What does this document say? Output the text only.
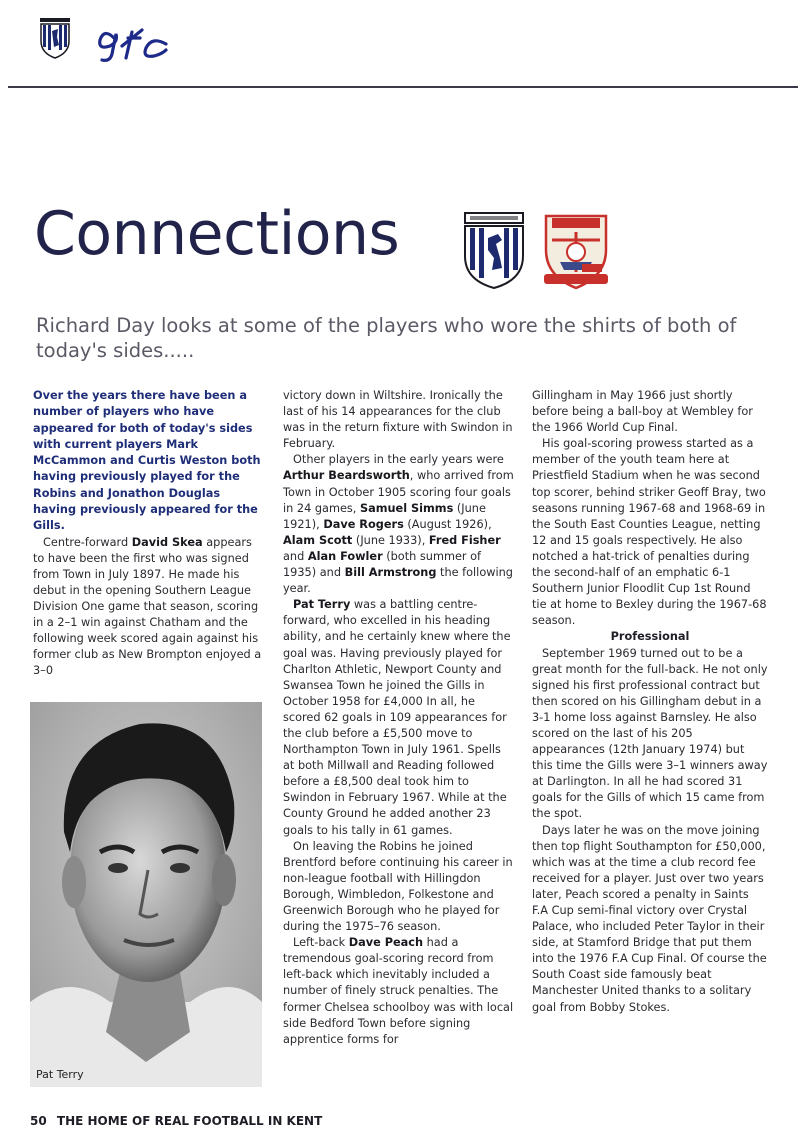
Connections

Richard Day looks at some of the players who wore the shirts of both of today's sides.....

Over the years there have been a number of players who have appeared for both of today's sides with current players Mark McCammon and Curtis Weston both having previously played for the Robins and Jonathon Douglas having previously appeared for the Gills.

Centre-forward David Skea appears to have been the first who was signed from Town in July 1897. He made his debut in the opening Southern League Division One game that season, scoring in a 2–1 win against Chatham and the following week scored again against his former club as New Brompton enjoyed a 3–0

Pat Terry

victory down in Wiltshire. Ironically the last of his 14 appearances for the club was in the return fixture with Swindon in February.

Other players in the early years were Arthur Beardsworth, who arrived from Town in October 1905 scoring four goals in 24 games, Samuel Simms (June 1921), Dave Rogers (August 1926), Alam Scott (June 1933), Fred Fisher and Alan Fowler (both summer of 1935) and Bill Armstrong the following year.

Pat Terry was a battling centre-forward, who excelled in his heading ability, and he certainly knew where the goal was. Having previously played for Charlton Athletic, Newport County and Swansea Town he joined the Gills in October 1958 for £4,000 In all, he scored 62 goals in 109 appearances for the club before a £5,500 move to Northampton Town in July 1961. Spells at both Millwall and Reading followed before a £8,500 deal took him to Swindon in February 1967. While at the County Ground he added another 23 goals to his tally in 61 games.

On leaving the Robins he joined Brentford before continuing his career in non-league football with Hillingdon Borough, Wimbledon, Folkestone and Greenwich Borough who he played for during the 1975–76 season.

Left-back Dave Peach had a tremendous goal-scoring record from left-back which inevitably included a number of finely struck penalties. The former Chelsea schoolboy was with local side Bedford Town before signing apprentice forms for

Gillingham in May 1966 just shortly before being a ball-boy at Wembley for the 1966 World Cup Final.

His goal-scoring prowess started as a member of the youth team here at Priestfield Stadium when he was second top scorer, behind striker Geoff Bray, two seasons running 1967-68 and 1968-69 in the South East Counties League, netting 12 and 15 goals respectively. He also notched a hat-trick of penalties during the second-half of an emphatic 6-1 Southern Junior Floodlit Cup 1st Round tie at home to Bexley during the 1967-68 season.

Professional

September 1969 turned out to be a great month for the full-back. He not only signed his first professional contract but then scored on his Gillingham debut in a 3-1 home loss against Barnsley. He also scored on the last of his 205 appearances (12th January 1974) but this time the Gills were 3–1 winners away at Darlington. In all he had scored 31 goals for the Gills of which 15 came from the spot.

Days later he was on the move joining then top flight Southampton for £50,000, which was at the time a club record fee received for a player. Just over two years later, Peach scored a penalty in Saints F.A Cup semi-final victory over Crystal Palace, who included Peter Taylor in their side, at Stamford Bridge that put them into the 1976 F.A Cup Final. Of course the South Coast side famously beat Manchester United thanks to a solitary goal from Bobby Stokes.

50 THE HOME OF REAL FOOTBALL IN KENT
